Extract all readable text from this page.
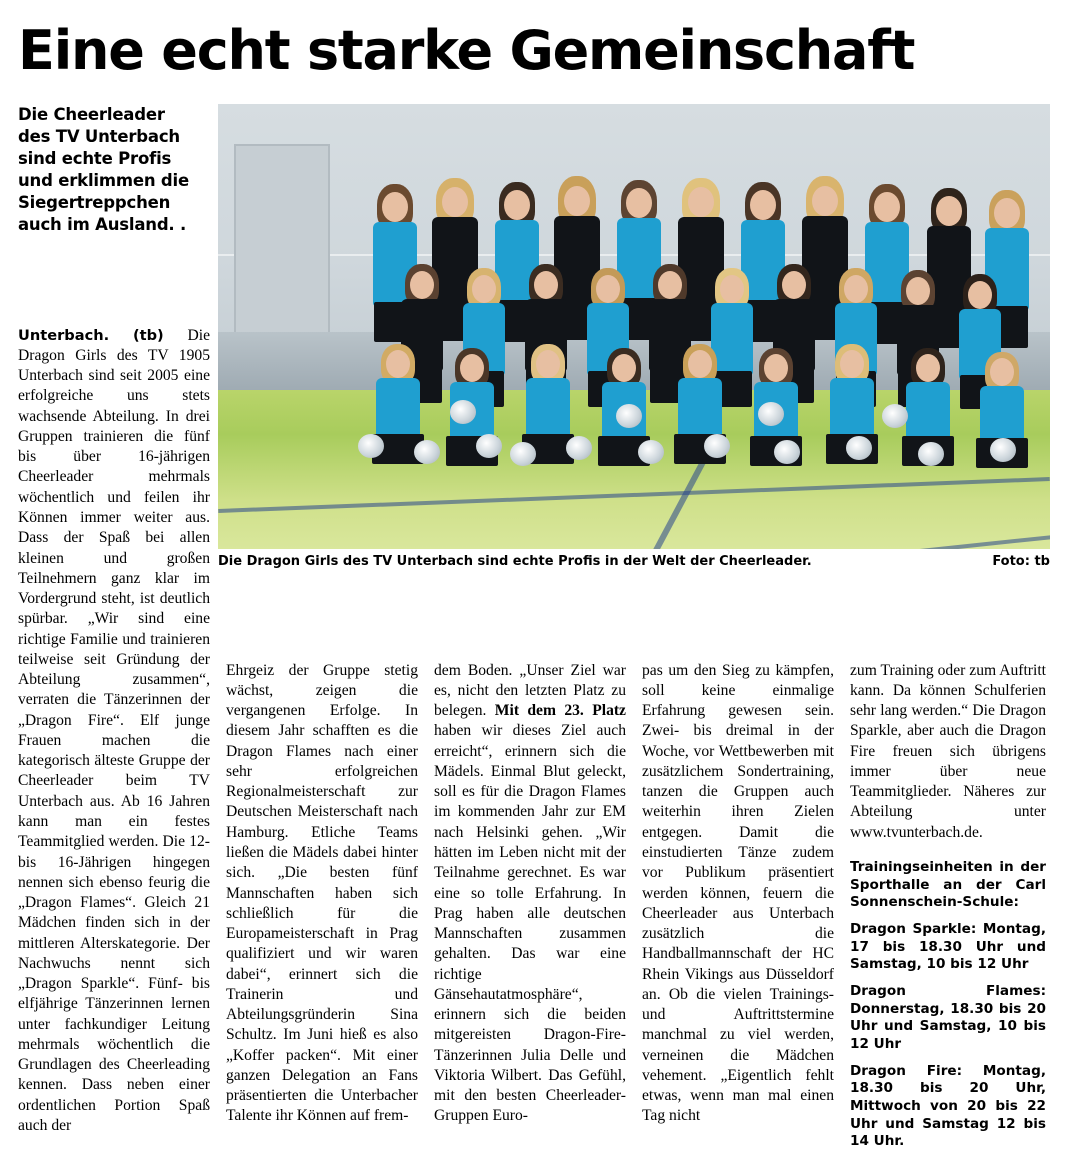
Eine echt starke Gemeinschaft
Die Cheerleader des TV Unterbach sind echte Profis und erklimmen die Siegertreppchen auch im Ausland. .
Die Dragon Girls des TV Unterbach sind echte Profis in der Welt der Cheerleader.	Foto: tb

Unterbach. (tb) Die Dragon Girls des TV 1905 Unterbach sind seit 2005 eine erfolgreiche uns stets wachsende Abteilung. In drei Gruppen trainieren die fünf bis über 16-jährigen Cheerleader mehrmals wöchentlich und feilen ihr Können immer weiter aus. Dass der Spaß bei allen kleinen und großen Teilnehmern ganz klar im Vordergrund steht, ist deutlich spürbar. „Wir sind eine richtige Familie und trainieren teilweise seit Gründung der Abteilung zusammen“, verraten die Tänzerinnen der „Dragon Fire“. Elf junge Frauen machen die kategorisch älteste Gruppe der Cheerleader beim TV Unterbach aus. Ab 16 Jahren kann man ein festes Teammitglied werden. Die 12- bis 16-Jährigen hingegen nennen sich ebenso feurig die „Dragon Flames“. Gleich 21 Mädchen finden sich in der mittleren Alterskategorie. Der Nachwuchs nennt sich „Dragon Sparkle“. Fünf- bis elfjährige Tänzerinnen lernen unter fachkundiger Leitung mehrmals wöchentlich die Grundlagen des Cheerleading kennen. Dass neben einer ordentlichen Portion Spaß auch der

Ehrgeiz der Gruppe stetig wächst, zeigen die vergangenen Erfolge. In diesem Jahr schafften es die Dragon Flames nach einer sehr erfolgreichen Regionalmeisterschaft zur Deutschen Meisterschaft nach Hamburg. Etliche Teams ließen die Mädels dabei hinter sich. „Die besten fünf Mannschaften haben sich schließlich für die Europameisterschaft in Prag qualifiziert und wir waren dabei“, erinnert sich die Trainerin und Abteilungsgründerin Sina Schultz. Im Juni hieß es also „Koffer packen“. Mit einer ganzen Delegation an Fans präsentierten die Unterbacher Talente ihr Können auf frem-

dem Boden. „Unser Ziel war es, nicht den letzten Platz zu belegen. Mit dem 23. Platz haben wir dieses Ziel auch erreicht“, erinnern sich die Mädels. Einmal Blut geleckt, soll es für die Dragon Flames im kommenden Jahr zur EM nach Helsinki gehen. „Wir hätten im Leben nicht mit der Teilnahme gerechnet. Es war eine so tolle Erfahrung. In Prag haben alle deutschen Mannschaften zusammen gehalten. Das war eine richtige Gänsehautatmosphäre“, erinnern sich die beiden mitgereisten Dragon-Fire-Tänzerinnen Julia Delle und Viktoria Wilbert. Das Gefühl, mit den besten Cheerleader-Gruppen Euro-

pas um den Sieg zu kämpfen, soll keine einmalige Erfahrung gewesen sein. Zwei- bis dreimal in der Woche, vor Wettbewerben mit zusätzlichem Sondertraining, tanzen die Gruppen auch weiterhin ihren Zielen entgegen. Damit die einstudierten Tänze zudem vor Publikum präsentiert werden können, feuern die Cheerleader aus Unterbach zusätzlich die Handballmannschaft der HC Rhein Vikings aus Düsseldorf an. Ob die vielen Trainings- und Auftrittstermine manchmal zu viel werden, verneinen die Mädchen vehement. „Eigentlich fehlt etwas, wenn man mal einen Tag nicht

zum Training oder zum Auftritt kann. Da können Schulferien sehr lang werden.“ Die Dragon Sparkle, aber auch die Dragon Fire freuen sich übrigens immer über neue Teammitglieder. Näheres zur Abteilung unter www.tvunterbach.de.

Trainingseinheiten in der Sporthalle an der Carl Sonnenschein-Schule:

Dragon Sparkle: Montag, 17 bis 18.30 Uhr und Samstag, 10 bis 12 Uhr

Dragon Flames: Donnerstag, 18.30 bis 20 Uhr und Samstag, 10 bis 12 Uhr

Dragon Fire: Montag, 18.30 bis 20 Uhr, Mittwoch von 20 bis 22 Uhr und Samstag 12 bis 14 Uhr.
